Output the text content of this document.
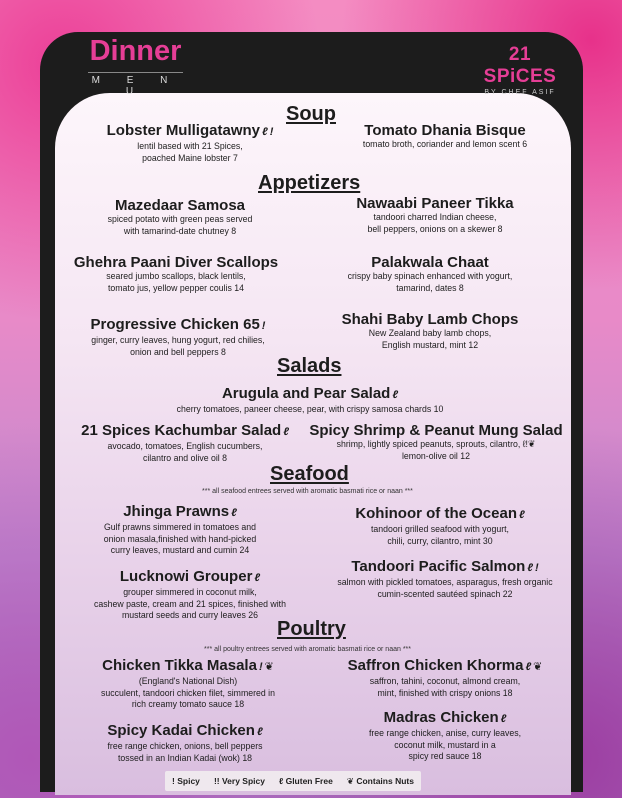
Dinner
M E N U
21 SPiCES
BY CHEF ASIF
Soup
Appetizers
Salads
Seafood
Poultry
*** all seafood entrees served with aromatic basmati rice or naan ***
*** all poultry entrees served with aromatic basmati rice or naan ***
Lobster Mulligatawny ℓ !
lentil based with 21 Spices,
poached Maine lobster 7
Tomato Dhania Bisque
tomato broth, coriander and lemon scent 6
Mazedaar Samosa
spiced potato with green peas served
with tamarind-date chutney 8
Nawaabi Paneer Tikka
tandoori charred Indian cheese,
bell peppers, onions on a skewer 8
Ghehra Paani Diver Scallops
seared jumbo scallops, black lentils,
tomato jus, yellow pepper coulis 14
Palakwala Chaat
crispy baby spinach enhanced with yogurt,
tamarind, dates 8
Progressive Chicken 65 !
ginger, curry leaves, hung yogurt, red chilies,
onion and bell peppers 8
Shahi Baby Lamb Chops
New Zealand baby lamb chops,
English mustard, mint 12
Arugula and Pear Salad ℓ
cherry tomatoes, paneer cheese, pear, with crispy samosa chards 10
21 Spices Kachumbar Salad ℓ
avocado, tomatoes, English cucumbers,
cilantro and olive oil 8
Spicy Shrimp & Peanut Mung Salad
shrimp, lightly spiced peanuts, sprouts, cilantro, ℓ!❦
lemon-olive oil 12
Jhinga Prawns ℓ
Gulf prawns simmered in tomatoes and
onion masala,finished with hand-picked
curry leaves, mustard and cumin 24
Kohinoor of the Ocean ℓ
tandoori grilled seafood with yogurt,
chili, curry, cilantro, mint 30
Lucknowi Grouper ℓ
grouper simmered in coconut milk,
cashew paste, cream and 21 spices, finished with
mustard seeds and curry leaves 26
Tandoori Pacific Salmon ℓ !
salmon with pickled tomatoes, asparagus, fresh organic
cumin-scented sautéed spinach 22
Chicken Tikka Masala ! ❦
(England's National Dish)
succulent, tandoori chicken filet, simmered in
rich creamy tomato sauce 18
Saffron Chicken Khorma ℓ ❦
saffron, tahini, coconut, almond cream,
mint, finished with crispy onions 18
Spicy Kadai Chicken ℓ
free range chicken, onions, bell peppers
tossed in an Indian Kadai (wok) 18
Madras Chicken ℓ
free range chicken, anise, curry leaves,
coconut milk, mustard in a
spicy red sauce 18
! Spicy !! Very Spicy ℓ Gluten Free ❦ Contains Nuts
